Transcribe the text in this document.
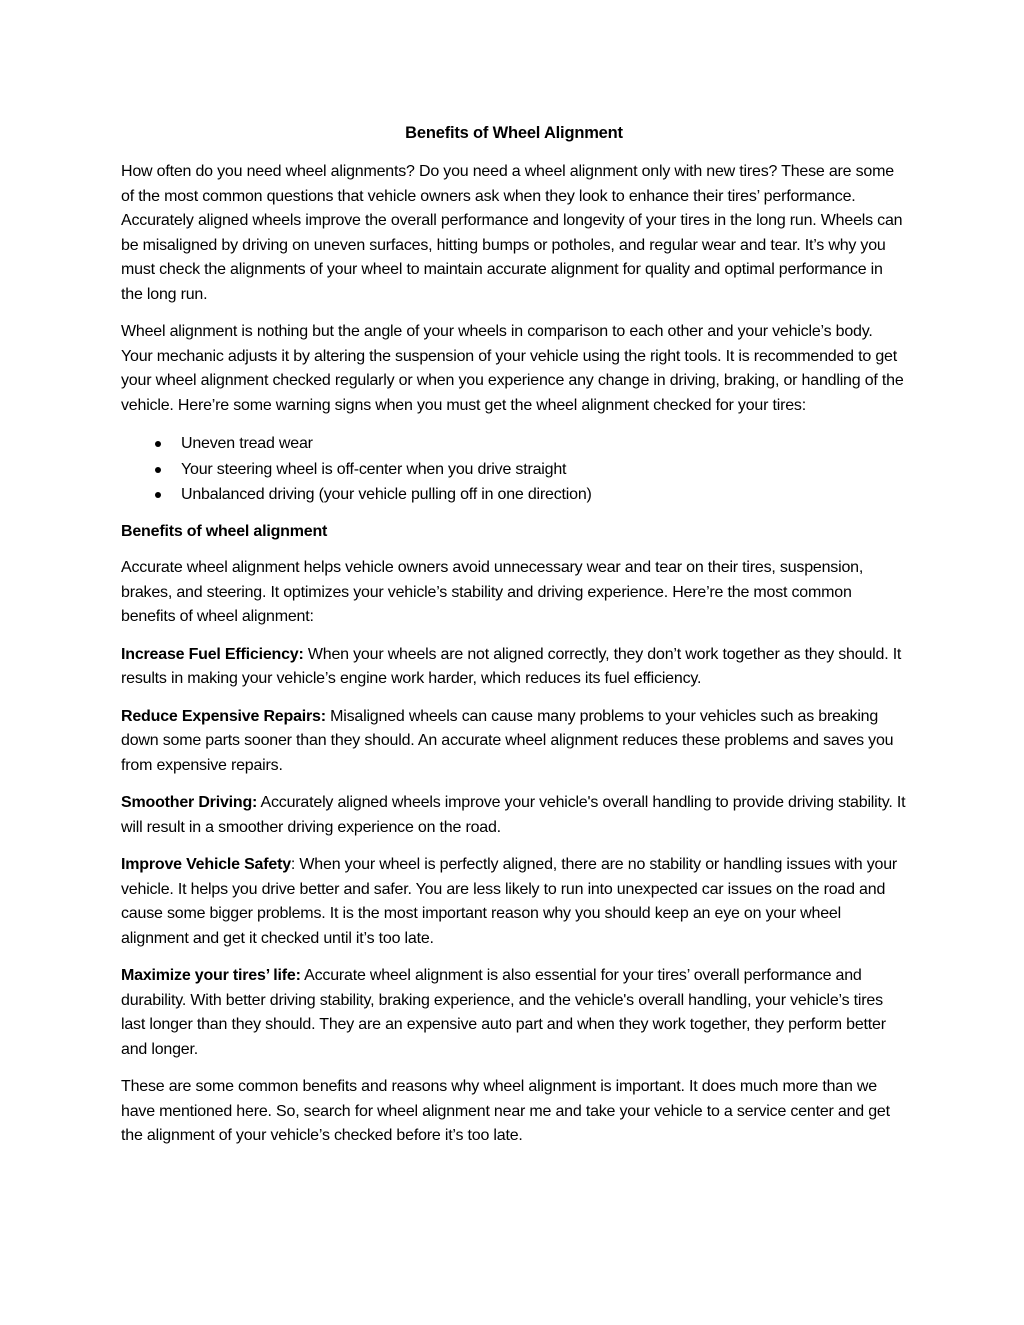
Benefits of Wheel Alignment

How often do you need wheel alignments? Do you need a wheel alignment only with new tires? These are some of the most common questions that vehicle owners ask when they look to enhance their tires’ performance. Accurately aligned wheels improve the overall performance and longevity of your tires in the long run. Wheels can be misaligned by driving on uneven surfaces, hitting bumps or potholes, and regular wear and tear. It’s why you must check the alignments of your wheel to maintain accurate alignment for quality and optimal performance in the long run.

Wheel alignment is nothing but the angle of your wheels in comparison to each other and your vehicle’s body. Your mechanic adjusts it by altering the suspension of your vehicle using the right tools. It is recommended to get your wheel alignment checked regularly or when you experience any change in driving, braking, or handling of the vehicle. Here’re some warning signs when you must get the wheel alignment checked for your tires:

Uneven tread wear
Your steering wheel is off-center when you drive straight
Unbalanced driving (your vehicle pulling off in one direction)
Benefits of wheel alignment

Accurate wheel alignment helps vehicle owners avoid unnecessary wear and tear on their tires, suspension, brakes, and steering. It optimizes your vehicle’s stability and driving experience. Here’re the most common benefits of wheel alignment:

Increase Fuel Efficiency: When your wheels are not aligned correctly, they don’t work together as they should. It results in making your vehicle’s engine work harder, which reduces its fuel efficiency.

Reduce Expensive Repairs: Misaligned wheels can cause many problems to your vehicles such as breaking down some parts sooner than they should. An accurate wheel alignment reduces these problems and saves you from expensive repairs.

Smoother Driving: Accurately aligned wheels improve your vehicle's overall handling to provide driving stability. It will result in a smoother driving experience on the road.

Improve Vehicle Safety: When your wheel is perfectly aligned, there are no stability or handling issues with your vehicle. It helps you drive better and safer. You are less likely to run into unexpected car issues on the road and cause some bigger problems. It is the most important reason why you should keep an eye on your wheel alignment and get it checked until it’s too late.

Maximize your tires’ life: Accurate wheel alignment is also essential for your tires’ overall performance and durability. With better driving stability, braking experience, and the vehicle's overall handling, your vehicle’s tires last longer than they should. They are an expensive auto part and when they work together, they perform better and longer.

These are some common benefits and reasons why wheel alignment is important. It does much more than we have mentioned here. So, search for wheel alignment near me and take your vehicle to a service center and get the alignment of your vehicle’s checked before it’s too late.
